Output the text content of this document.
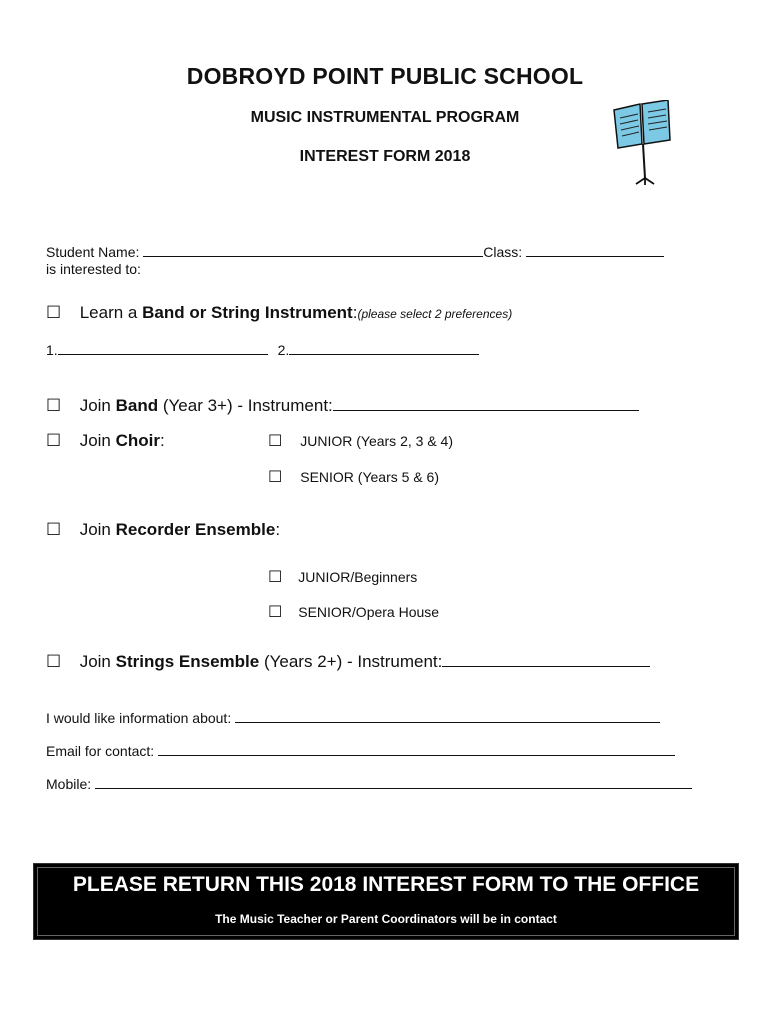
DOBROYD POINT PUBLIC SCHOOL
MUSIC INSTRUMENTAL PROGRAM
INTEREST FORM 2018
Student Name:	Class:
is interested to:
☐ Learn a Band or String Instrument:(please select 2 preferences)
1.	2.
☐ Join Band (Year 3+) - Instrument:
☐ Join Choir:	☐ JUNIOR (Years 2, 3 & 4)
☐ SENIOR (Years 5 & 6)
☐ Join Recorder Ensemble:
☐ JUNIOR/Beginners
☐ SENIOR/Opera House
☐ Join Strings Ensemble (Years 2+) - Instrument:
I would like information about:
Email for contact:
Mobile:
PLEASE RETURN THIS 2018 INTEREST FORM TO THE OFFICE
The Music Teacher or Parent Coordinators will be in contact
